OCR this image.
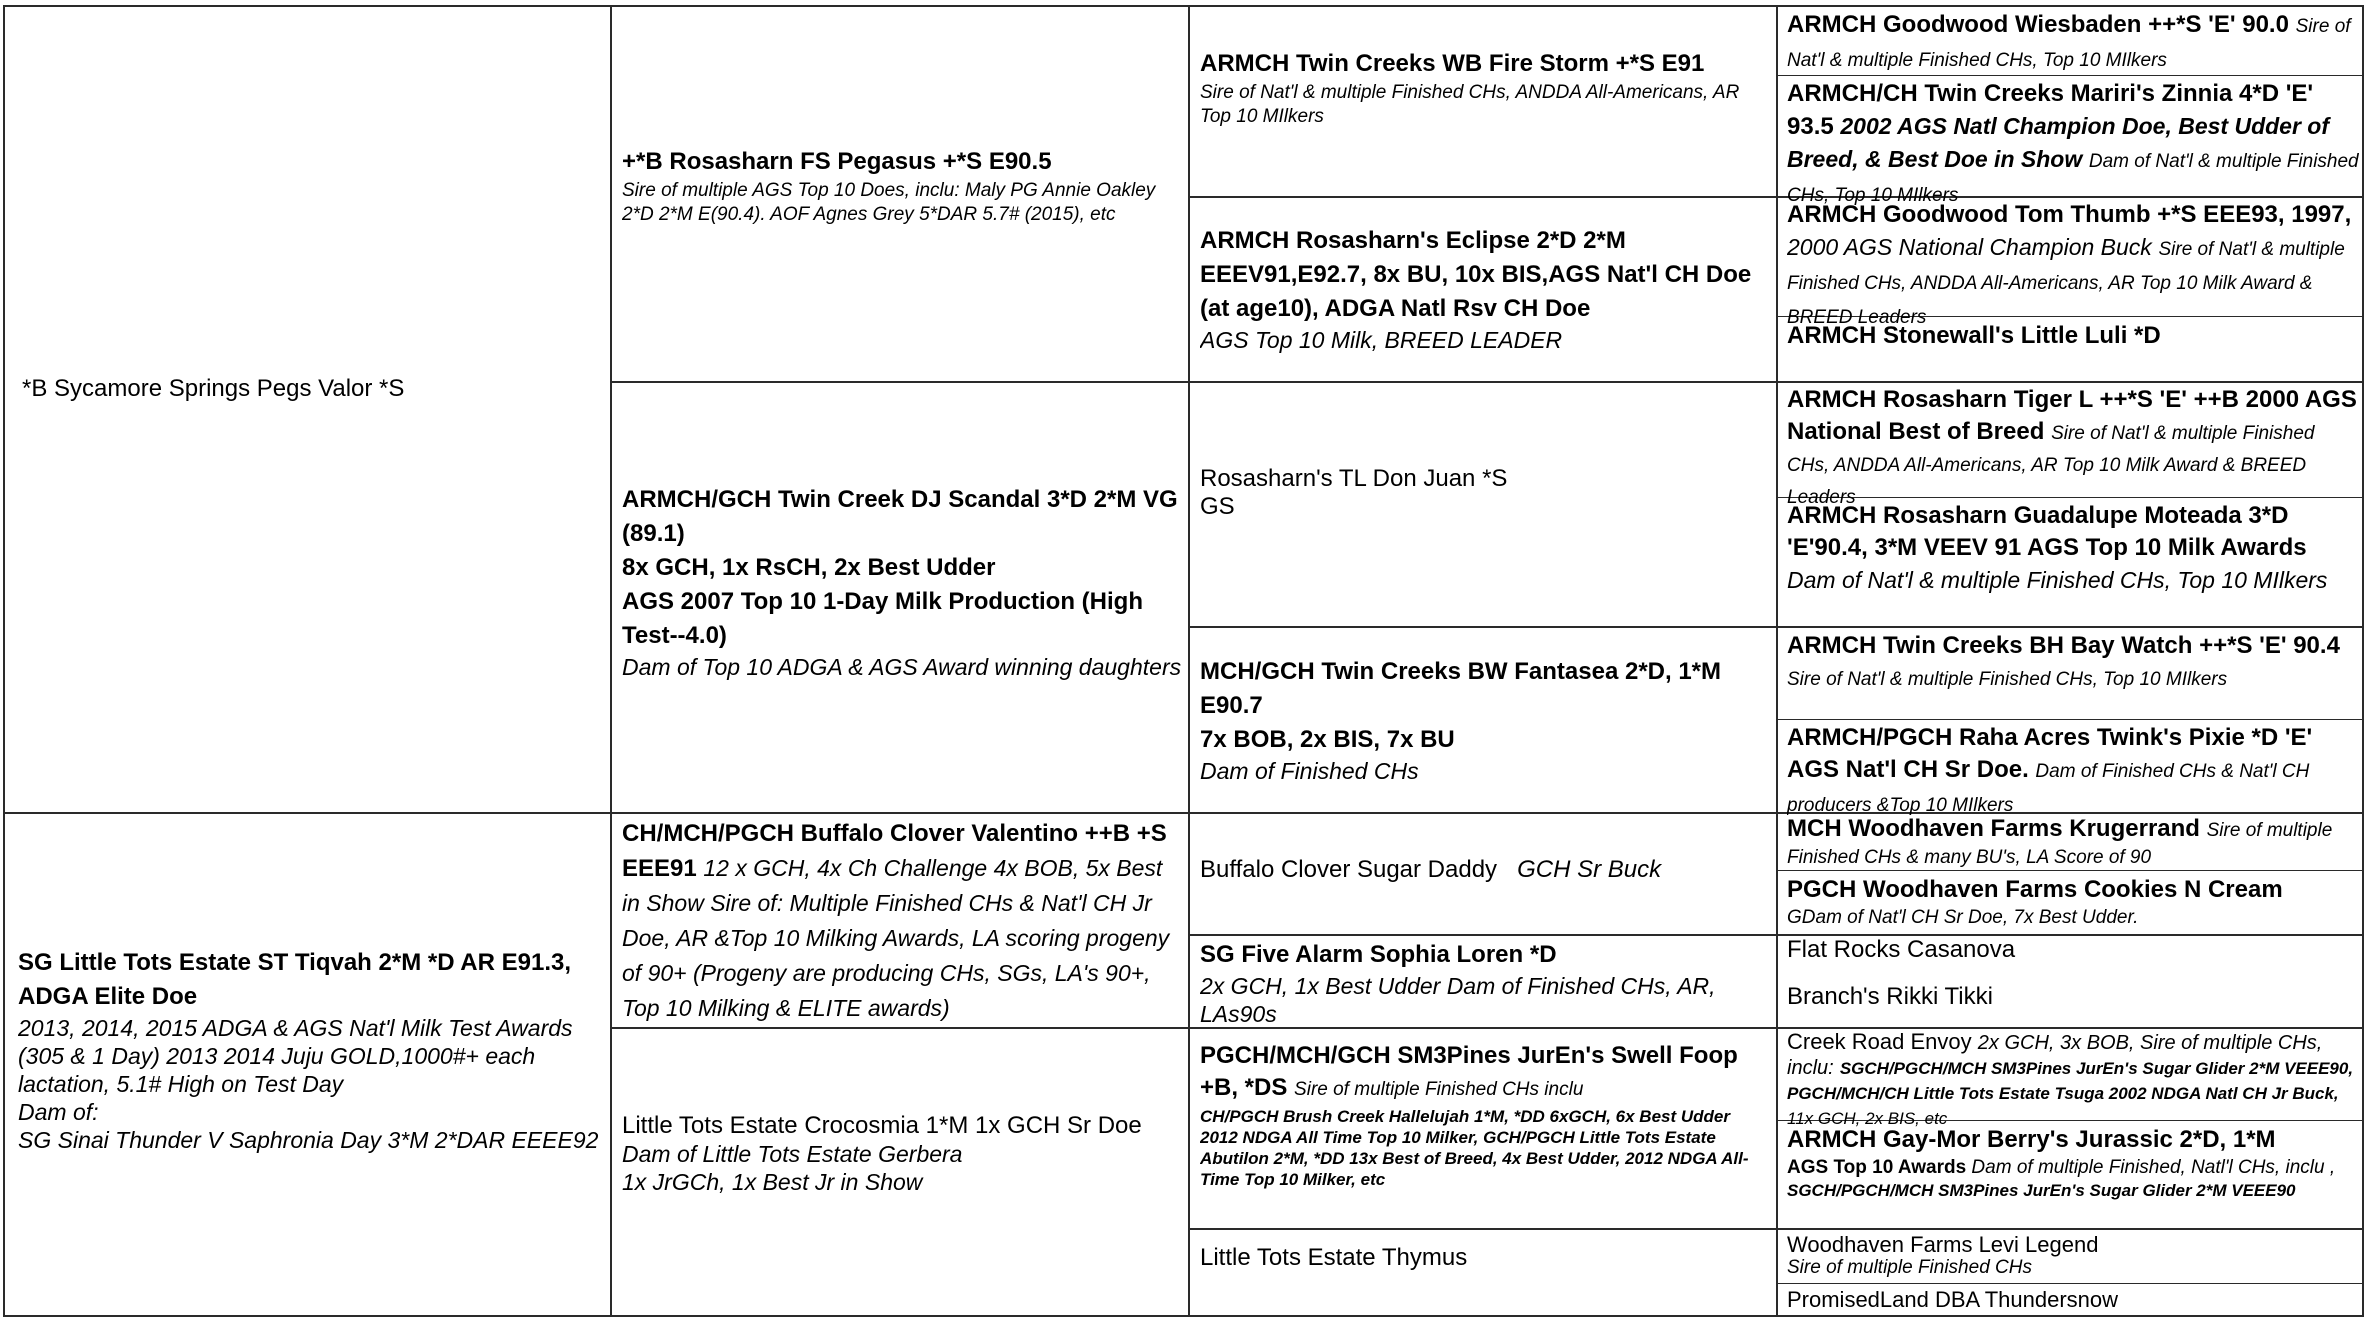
*B Sycamore Springs Pegs Valor *S
SG Little Tots Estate ST Tiqvah 2*M *D AR E91.3, ADGA Elite Doe
2013, 2014, 2015 ADGA & AGS Nat'l Milk Test Awards (305 & 1 Day) 2013 2014 Juju GOLD,1000#+ each lactation, 5.1# High on Test Day
Dam of:
SG Sinai Thunder V Saphronia Day 3*M 2*DAR EEEE92
+*B Rosasharn FS Pegasus +*S E90.5
Sire of multiple AGS Top 10 Does, inclu: Maly PG Annie Oakley 2*D 2*M E(90.4). AOF Agnes Grey 5*DAR 5.7# (2015), etc
ARMCH/GCH Twin Creek DJ Scandal 3*D 2*M VG (89.1)
8x GCH, 1x RsCH, 2x Best Udder
AGS 2007 Top 10 1-Day Milk Production (High Test--4.0)
Dam of Top 10 ADGA & AGS Award winning daughters
CH/MCH/PGCH Buffalo Clover Valentino ++B +S EEE91 12 x GCH, 4x Ch Challenge 4x BOB, 5x Best in Show Sire of: Multiple Finished CHs & Nat'l CH Jr Doe, AR &Top 10 Milking Awards, LA scoring progeny of 90+ (Progeny are producing CHs, SGs, LA's 90+, Top 10 Milking & ELITE awards)
Little Tots Estate Crocosmia 1*M 1x GCH Sr Doe
Dam of Little Tots Estate Gerbera
1x JrGCh, 1x Best Jr in Show
ARMCH Twin Creeks WB Fire Storm +*S E91
Sire of Nat'l & multiple Finished CHs, ANDDA All-Americans, AR Top 10 MIlkers
ARMCH Rosasharn's Eclipse 2*D 2*M EEEV91,E92.7, 8x BU, 10x BIS,AGS Nat'l CH Doe (at age10), ADGA Natl Rsv CH Doe
AGS Top 10 Milk, BREED LEADER
Rosasharn's TL Don Juan *S
GS
MCH/GCH Twin Creeks BW Fantasea 2*D, 1*M E90.7
7x BOB, 2x BIS, 7x BU
Dam of Finished CHs
Buffalo Clover Sugar Daddy GCH Sr Buck
SG Five Alarm Sophia Loren *D
2x GCH, 1x Best Udder Dam of Finished CHs, AR, LAs90s
PGCH/MCH/GCH SM3Pines JurEn's Swell Foop +B, *DS Sire of multiple Finished CHs inclu
CH/PGCH Brush Creek Hallelujah 1*M, *DD 6xGCH, 6x Best Udder 2012 NDGA All Time Top 10 Milker, GCH/PGCH Little Tots Estate Abutilon 2*M, *DD 13x Best of Breed, 4x Best Udder, 2012 NDGA All-Time Top 10 Milker, etc
Little Tots Estate Thymus
ARMCH Goodwood Wiesbaden ++*S 'E' 90.0 Sire of Nat'l & multiple Finished CHs, Top 10 MIlkers
ARMCH/CH Twin Creeks Mariri's Zinnia 4*D 'E' 93.5 2002 AGS Natl Champion Doe, Best Udder of Breed, & Best Doe in Show Dam of Nat'l & multiple Finished CHs, Top 10 MIlkers
ARMCH Goodwood Tom Thumb +*S EEE93, 1997, 2000 AGS National Champion Buck Sire of Nat'l & multiple Finished CHs, ANDDA All-Americans, AR Top 10 Milk Award & BREED Leaders
ARMCH Stonewall's Little Luli *D
ARMCH Rosasharn Tiger L ++*S 'E' ++B 2000 AGS National Best of Breed Sire of Nat'l & multiple Finished CHs, ANDDA All-Americans, AR Top 10 Milk Award & BREED Leaders
ARMCH Rosasharn Guadalupe Moteada 3*D 'E'90.4, 3*M VEEV 91 AGS Top 10 Milk Awards Dam of Nat'l & multiple Finished CHs, Top 10 MIlkers
ARMCH Twin Creeks BH Bay Watch ++*S 'E' 90.4 Sire of Nat'l & multiple Finished CHs, Top 10 MIlkers
ARMCH/PGCH Raha Acres Twink's Pixie *D 'E' AGS Nat'l CH Sr Doe. Dam of Finished CHs & Nat'l CH producers &Top 10 MIlkers
MCH Woodhaven Farms Krugerrand Sire of multiple Finished CHs & many BU's, LA Score of 90
PGCH Woodhaven Farms Cookies N Cream
GDam of Nat'l CH Sr Doe, 7x Best Udder.
Flat Rocks Casanova
Branch's Rikki Tikki
Creek Road Envoy 2x GCH, 3x BOB, Sire of multiple CHs, inclu: SGCH/PGCH/MCH SM3Pines JurEn's Sugar Glider 2*M VEEE90, PGCH/MCH/CH Little Tots Estate Tsuga 2002 NDGA Natl CH Jr Buck, 11x GCH, 2x BIS, etc
ARMCH Gay-Mor Berry's Jurassic 2*D, 1*M
AGS Top 10 Awards Dam of multiple Finished, Natl'l CHs, inclu , SGCH/PGCH/MCH SM3Pines JurEn's Sugar Glider 2*M VEEE90
Woodhaven Farms Levi Legend
Sire of multiple Finished CHs
PromisedLand DBA Thundersnow
